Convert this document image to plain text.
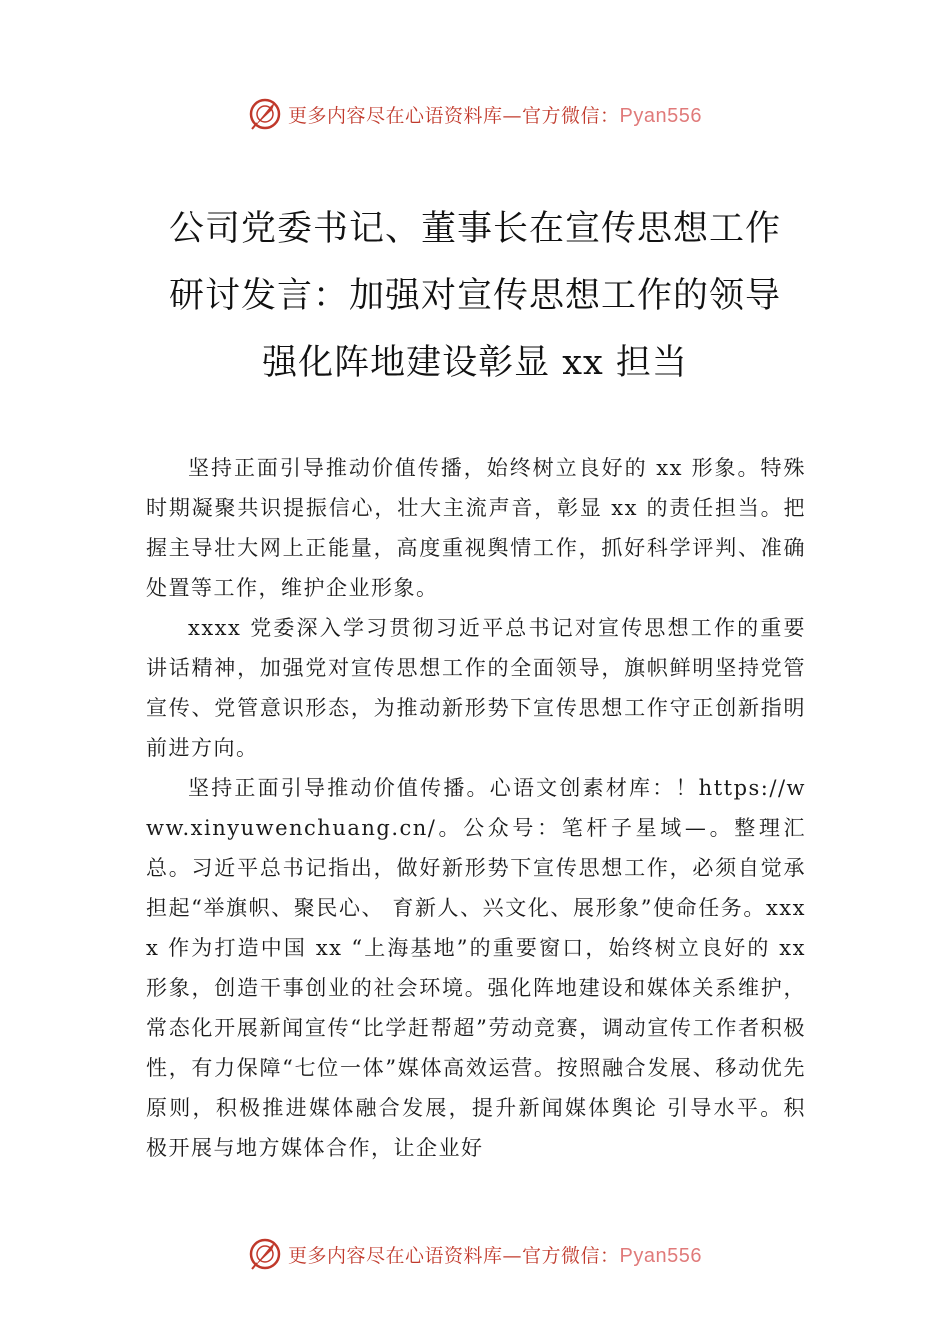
更多内容尽在心语资料库—官方微信：Pyan556
公司党委书记、董事长在宣传思想工作
研讨发言：加强对宣传思想工作的领导
强化阵地建设彰显 xx 担当

坚持正面引导推动价值传播，始终树立良好的 xx 形象。特殊时期凝聚共识提振信心，壮大主流声音，彰显 xx 的责任担当。把握主导壮大网上正能量，高度重视舆情工作，抓好科学评判、准确处置等工作，维护企业形象。

xxxx 党委深入学习贯彻习近平总书记对宣传思想工作的重要讲话精神，加强党对宣传思想工作的全面领导，旗帜鲜明坚持党管宣传、党管意识形态，为推动新形势下宣传思想工作守正创新指明前进方向。

坚持正面引导推动价值传播。心语文创素材库：！https://www.xinyuwenchuang.cn/。公众号：笔杆子星域—。整理汇总。习近平总书记指出，做好新形势下宣传思想工作，必须自觉承担起“举旗帜、聚民心、 育新人、兴文化、展形象”使命任务。xxxx 作为打造中国 xx “上海基地”的重要窗口，始终树立良好的 xx 形象，创造干事创业的社会环境。强化阵地建设和媒体关系维护，常态化开展新闻宣传“比学赶帮超”劳动竞赛，调动宣传工作者积极性，有力保障“七位一体”媒体高效运营。按照融合发展、移动优先原则，积极推进媒体融合发展，提升新闻媒体舆论 引导水平。积极开展与地方媒体合作，让企业好

更多内容尽在心语资料库—官方微信：Pyan556
